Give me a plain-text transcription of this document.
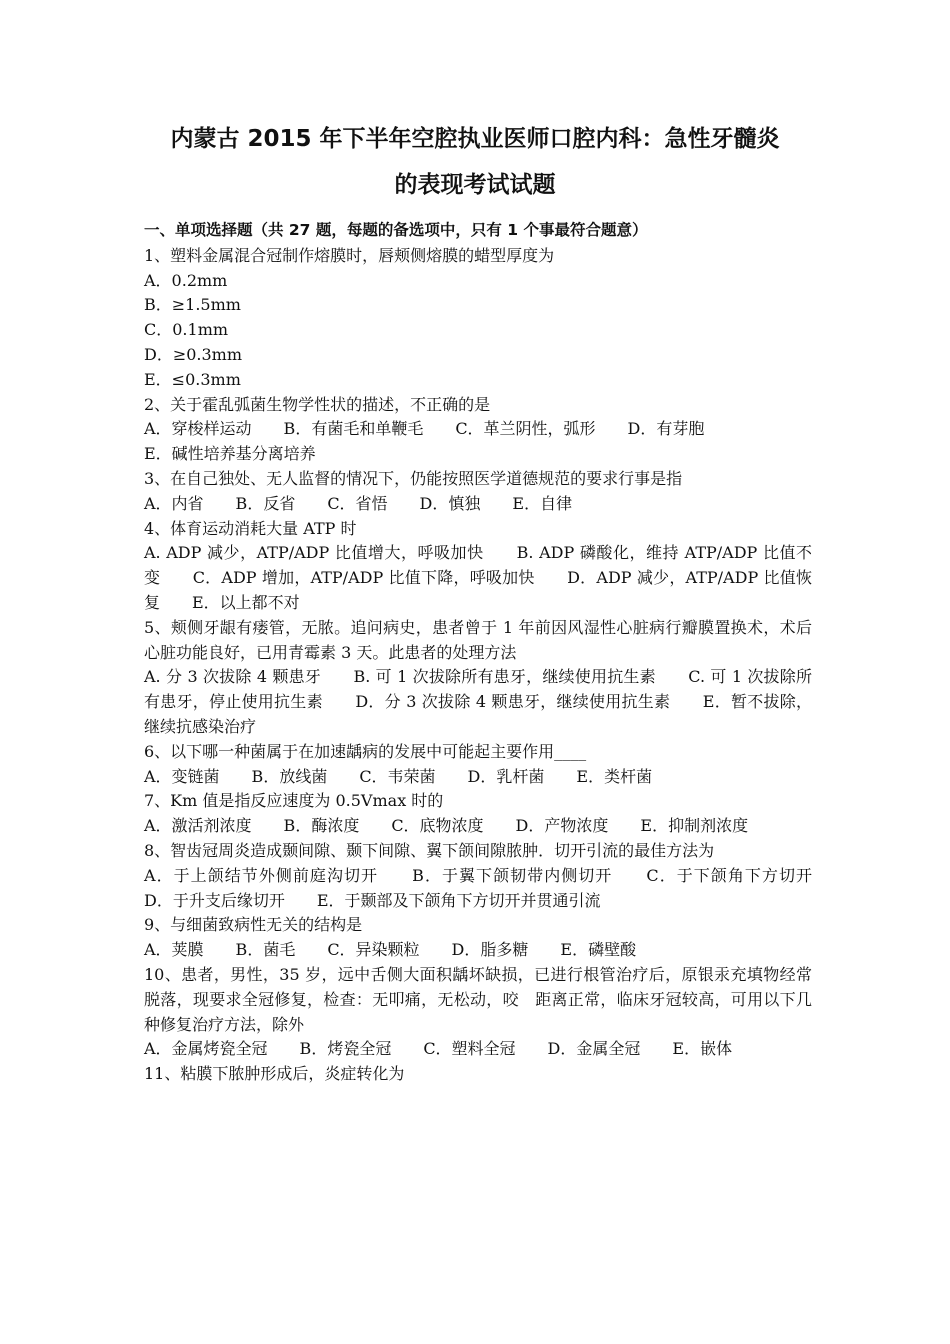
内蒙古 2015 年下半年空腔执业医师口腔内科：急性牙髓炎
的表现考试试题
一、单项选择题（共 27 题，每题的备选项中，只有 1 个事最符合题意）
1、塑料金属混合冠制作熔膜时，唇颊侧熔膜的蜡型厚度为
A．0.2mm
B．≥1.5mm
C．0.1mm
D．≥0.3mm
E．≤0.3mm
2、关于霍乱弧菌生物学性状的描述，不正确的是
A．穿梭样运动　　B．有菌毛和单鞭毛　　C．革兰阴性，弧形　　D．有芽胞
E．碱性培养基分离培养
3、在自己独处、无人监督的情况下，仍能按照医学道德规范的要求行事是指
A．内省　　B．反省　　C．省悟　　D．慎独　　E．自律
4、体育运动消耗大量 ATP 时
A. ADP 减少，ATP/ADP 比值增大，呼吸加快　　B. ADP 磷酸化，维持 ATP/ADP 比值不变　　C．ADP 增加，ATP/ADP 比值下降，呼吸加快　　D．ADP 减少，ATP/ADP 比值恢复　　E．以上都不对
5、颊侧牙龈有瘘管，无脓。追问病史，患者曾于 1 年前因风湿性心脏病行瓣膜置换术，术后心脏功能良好，已用青霉素 3 天。此患者的处理方法
A. 分 3 次拔除 4 颗患牙　　B. 可 1 次拔除所有患牙，继续使用抗生素　　C. 可 1 次拔除所有患牙，停止使用抗生素　　D．分 3 次拔除 4 颗患牙，继续使用抗生素　　E．暂不拔除，继续抗感染治疗
6、以下哪一种菌属于在加速龋病的发展中可能起主要作用____
A．变链菌　　B．放线菌　　C．韦荣菌　　D．乳杆菌　　E．类杆菌
7、Km 值是指反应速度为 0.5Vmax 时的
A．激活剂浓度　　B．酶浓度　　C．底物浓度　　D．产物浓度　　E．抑制剂浓度
8、智齿冠周炎造成颞间隙、颞下间隙、翼下颌间隙脓肿．切开引流的最佳方法为
A．于上颌结节外侧前庭沟切开　　B．于翼下颌韧带内侧切开　　C．于下颌角下方切开　　D．于升支后缘切开　　E．于颞部及下颌角下方切开并贯通引流
9、与细菌致病性无关的结构是
A．荚膜　　B．菌毛　　C．异染颗粒　　D．脂多糖　　E．磷壁酸
10、患者，男性，35 岁，远中舌侧大面积龋坏缺损，已进行根管治疗后，原银汞充填物经常脱落，现要求全冠修复，检查：无叩痛，无松动，咬　距离正常，临床牙冠较高，可用以下几种修复治疗方法，除外
A．金属烤瓷全冠　　B．烤瓷全冠　　C．塑料全冠　　D．金属全冠　　E．嵌体
11、粘膜下脓肿形成后，炎症转化为
